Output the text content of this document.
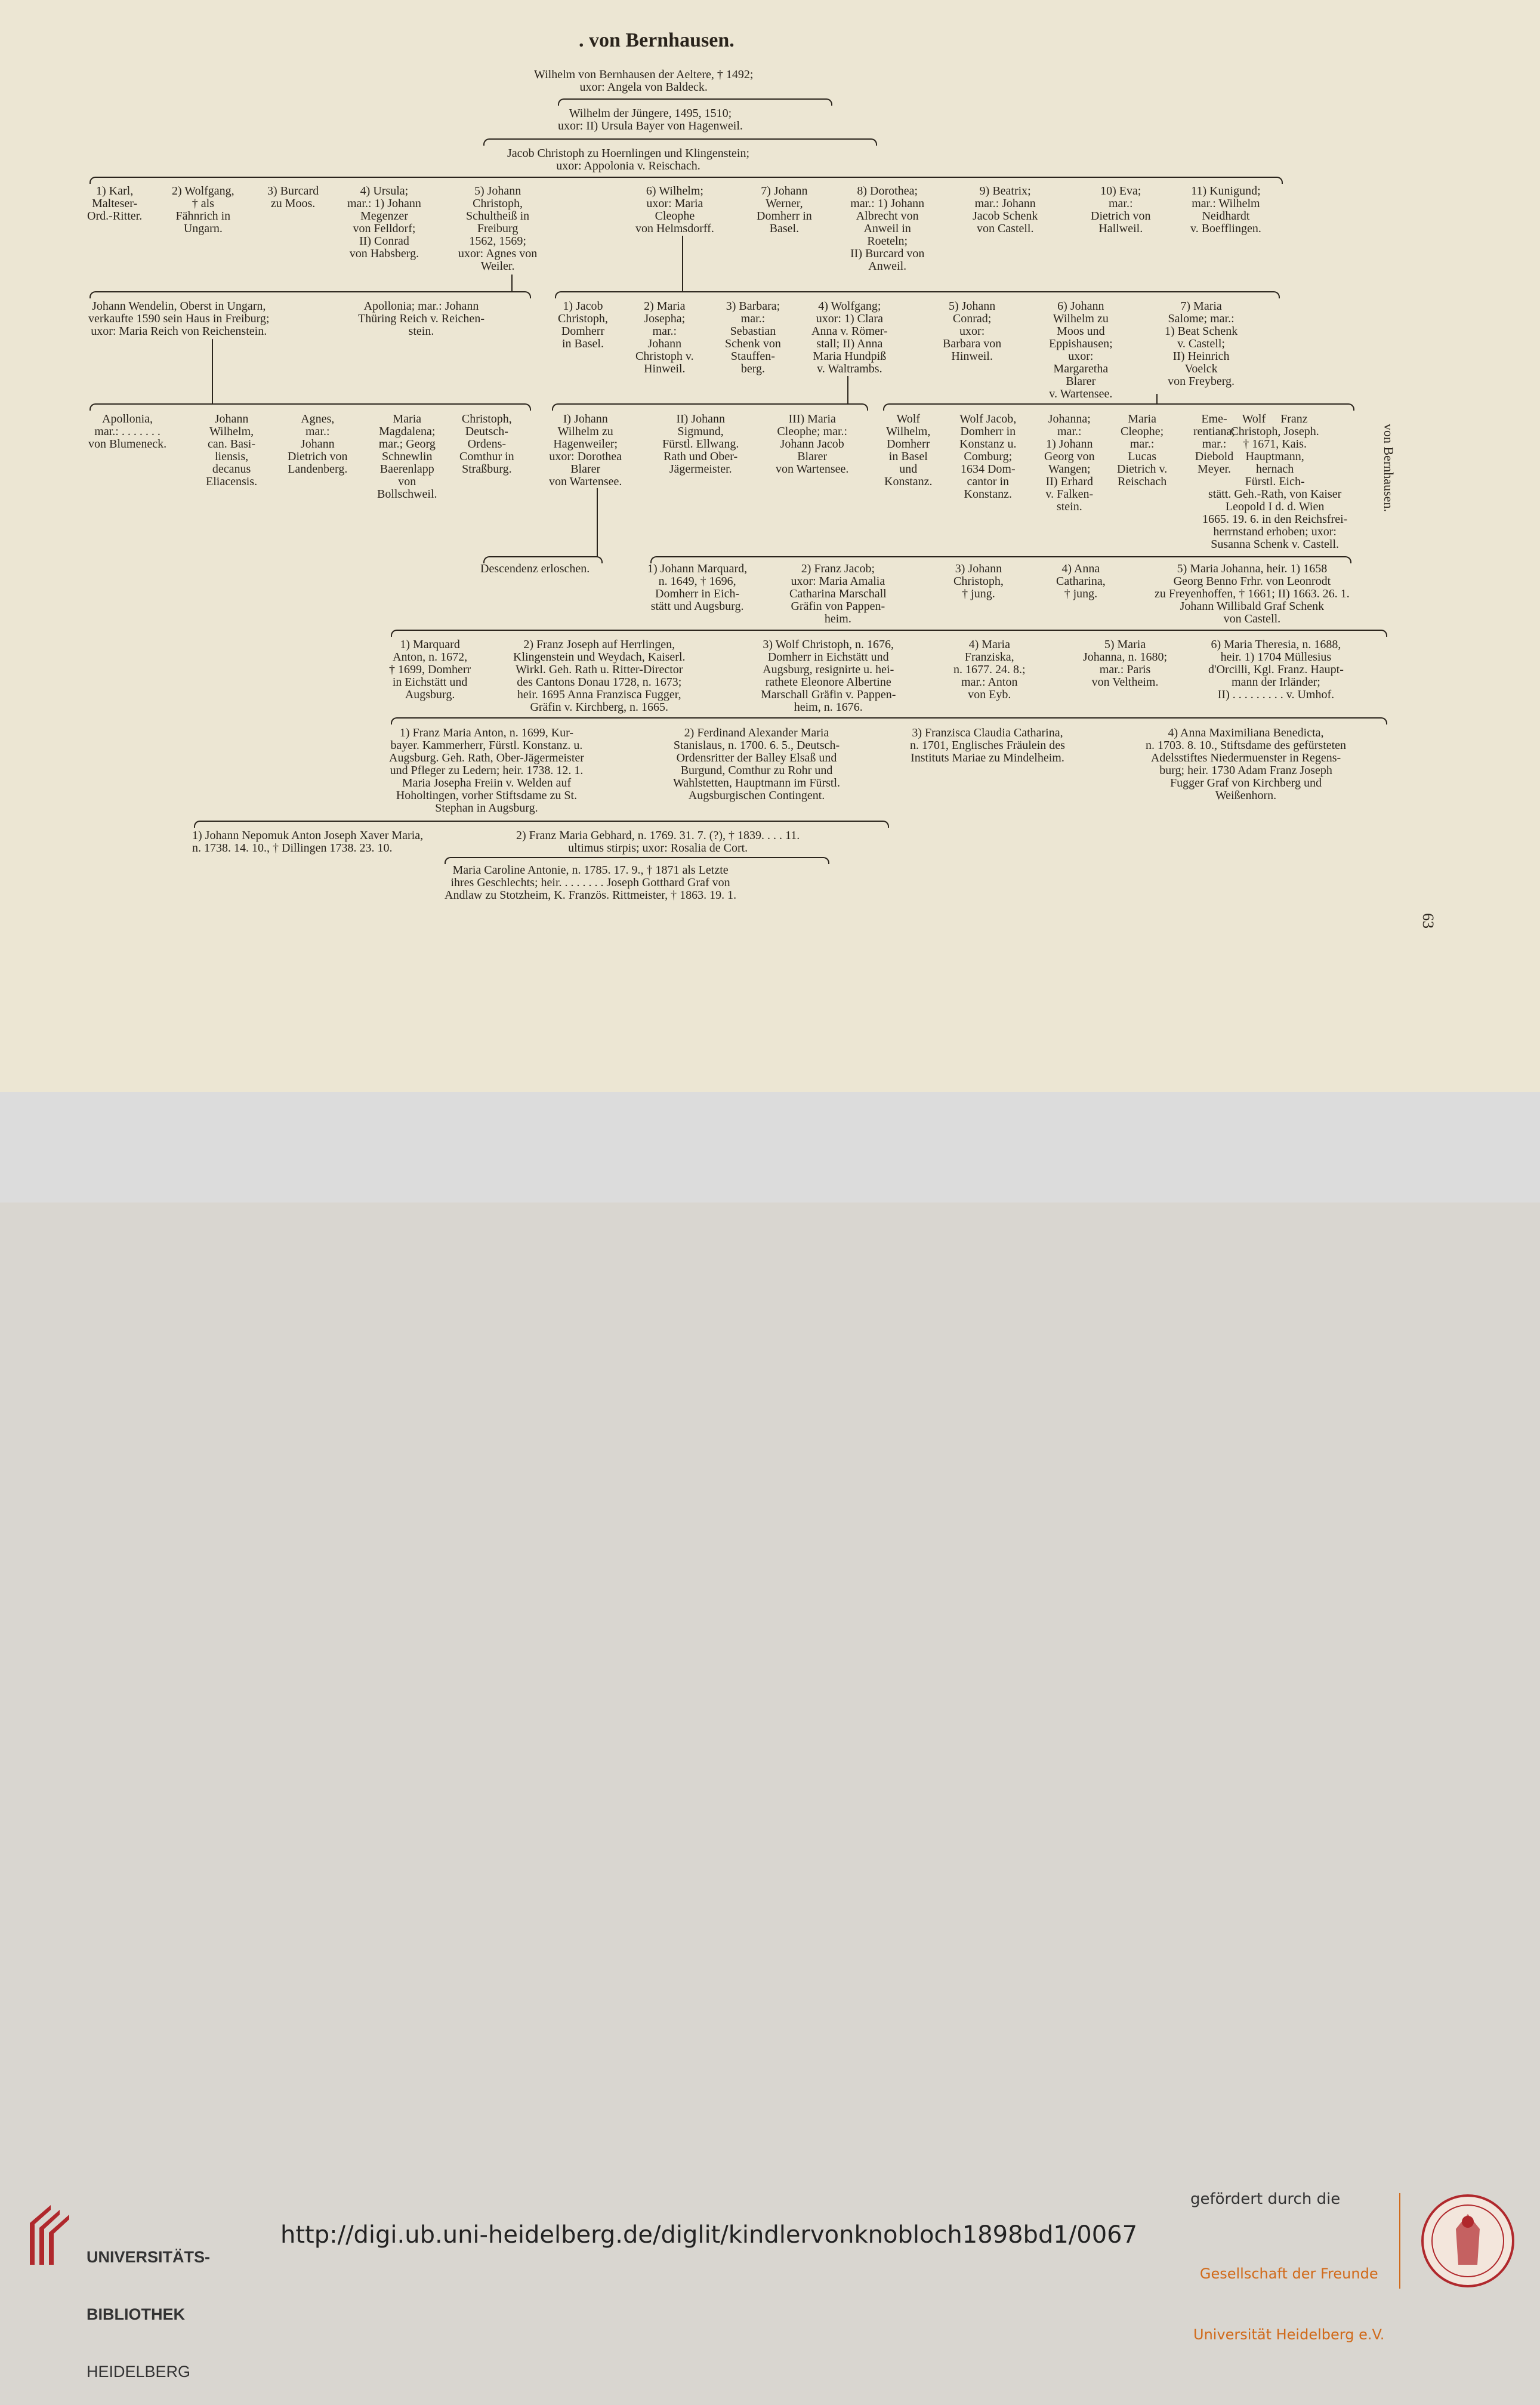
. von Bernhausen.
Wilhelm von Bernhausen der Aeltere, † 1492;
uxor: Angela von Baldeck.
Wilhelm der Jüngere, 1495, 1510;
uxor: II) Ursula Bayer von Hagenweil.
Jacob Christoph zu Hoernlingen und Klingenstein;
uxor: Appolonia v. Reischach.
1) Karl,
Malteser-
Ord.-Ritter.
2) Wolfgang,
† als
Fähnrich in
Ungarn.
3) Burcard
zu Moos.
4) Ursula;
mar.: 1) Johann
Megenzer
von Felldorf;
II) Conrad
von Habsberg.
5) Johann
Christoph,
Schultheiß in
Freiburg
1562, 1569;
uxor: Agnes von
Weiler.
6) Wilhelm;
uxor: Maria
Cleophe
von Helmsdorff.
7) Johann
Werner,
Domherr in
Basel.
8) Dorothea;
mar.: 1) Johann
Albrecht von
Anweil in
Roeteln;
II) Burcard von
Anweil.
9) Beatrix;
mar.: Johann
Jacob Schenk
von Castell.
10) Eva;
mar.:
Dietrich von
Hallweil.
11) Kunigund;
mar.: Wilhelm
Neidhardt
v. Boefflingen.
Johann Wendelin, Oberst in Ungarn,
verkaufte 1590 sein Haus in Freiburg;
uxor: Maria Reich von Reichenstein.
Apollonia; mar.: Johann
Thüring Reich v. Reichen-
stein.
1) Jacob
Christoph,
Domherr
in Basel.
2) Maria
Josepha;
mar.:
Johann
Christoph v.
Hinweil.
3) Barbara;
mar.:
Sebastian
Schenk von
Stauffen-
berg.
4) Wolfgang;
uxor: 1) Clara
Anna v. Römer-
stall; II) Anna
Maria Hundpiß
v. Waltrambs.
5) Johann
Conrad;
uxor:
Barbara von
Hinweil.
6) Johann
Wilhelm zu
Moos und
Eppishausen;
uxor:
Margaretha
Blarer
v. Wartensee.
7) Maria
Salome; mar.:
1) Beat Schenk
v. Castell;
II) Heinrich
Voelck
von Freyberg.
Apollonia,
mar.: . . . . . . .
von Blumeneck.
Johann
Wilhelm,
can. Basi-
liensis,
decanus
Eliacensis.
Agnes,
mar.:
Johann
Dietrich von
Landenberg.
Maria
Magdalena;
mar.; Georg
Schnewlin
Baerenlapp
von
Bollschweil.
Christoph,
Deutsch-
Ordens-
Comthur in
Straßburg.
I) Johann
Wilhelm zu
Hagenweiler;
uxor: Dorothea
Blarer
von Wartensee.
II) Johann
Sigmund,
Fürstl. Ellwang.
Rath und Ober-
Jägermeister.
III) Maria
Cleophe; mar.:
Johann Jacob
Blarer
von Wartensee.
Wolf
Wilhelm,
Domherr
in Basel
und
Konstanz.
Wolf Jacob,
Domherr in
Konstanz u.
Comburg;
1634 Dom-
cantor in
Konstanz.
Johanna;
mar.:
1) Johann
Georg von
Wangen;
II) Erhard
v. Falken-
stein.
Maria
Cleophe;
mar.:
Lucas
Dietrich v.
Reischach
Eme-
rentiana;
mar.:
Diebold
Meyer.
Wolf     Franz
Christoph, Joseph.
† 1671, Kais.
Hauptmann,
hernach
Fürstl. Eich-
stätt. Geh.-Rath, von Kaiser
Leopold I d. d. Wien
1665. 19. 6. in den Reichsfrei-
herrnstand erhoben; uxor:
Susanna Schenk v. Castell.
Descendenz erloschen.	1) Johann Marquard,
n. 1649, † 1696,
Domherr in Eich-
stätt und Augsburg.
2) Franz Jacob;
uxor: Maria Amalia
Catharina Marschall
Gräfin von Pappen-
heim.
3) Johann
Christoph,
† jung.
4) Anna
Catharina,
† jung.
5) Maria Johanna, heir. 1) 1658
Georg Benno Frhr. von Leonrodt
zu Freyenhoffen, † 1661; II) 1663. 26. 1.
Johann Willibald Graf Schenk
von Castell.
1) Marquard
Anton, n. 1672,
† 1699, Domherr
in Eichstätt und
Augsburg.
2) Franz Joseph auf Herrlingen,
Klingenstein und Weydach, Kaiserl.
Wirkl. Geh. Rath u. Ritter-Director
des Cantons Donau 1728, n. 1673;
heir. 1695 Anna Franzisca Fugger,
Gräfin v. Kirchberg, n. 1665.
3) Wolf Christoph, n. 1676,
Domherr in Eichstätt und
Augsburg, resignirte u. hei-
rathete Eleonore Albertine
Marschall Gräfin v. Pappen-
heim, n. 1676.
4) Maria
Franziska,
n. 1677. 24. 8.;
mar.: Anton
von Eyb.
5) Maria
Johanna, n. 1680;
mar.: Paris
von Veltheim.
6) Maria Theresia, n. 1688,
heir. 1) 1704 Müllesius
d'Orcilli, Kgl. Franz. Haupt-
mann der Irländer;
II) . . . . . . . . . v. Umhof.
1) Franz Maria Anton, n. 1699, Kur-
bayer. Kammerherr, Fürstl. Konstanz. u.
Augsburg. Geh. Rath, Ober-Jägermeister
und Pfleger zu Ledern; heir. 1738. 12. 1.
Maria Josepha Freiin v. Welden auf
Hoholtingen, vorher Stiftsdame zu St.
Stephan in Augsburg.
2) Ferdinand Alexander Maria
Stanislaus, n. 1700. 6. 5., Deutsch-
Ordensritter der Balley Elsaß und
Burgund, Comthur zu Rohr und
Wahlstetten, Hauptmann im Fürstl.
Augsburgischen Contingent.
3) Franzisca Claudia Catharina,
n. 1701, Englisches Fräulein des
Instituts Mariae zu Mindelheim.
4) Anna Maximiliana Benedicta,
n. 1703. 8. 10., Stiftsdame des gefürsteten
Adelsstiftes Niedermuenster in Regens-
burg; heir. 1730 Adam Franz Joseph
Fugger Graf von Kirchberg und
Weißenhorn.
1) Johann Nepomuk Anton Joseph Xaver Maria,
n. 1738. 14. 10., † Dillingen 1738. 23. 10.
2) Franz Maria Gebhard, n. 1769. 31. 7. (?), † 1839. . . . 11.
ultimus stirpis; uxor: Rosalia de Cort.
Maria Caroline Antonie, n. 1785. 17. 9., † 1871 als Letzte
ihres Geschlechts; heir. . . . . . . . Joseph Gotthard Graf von
Andlaw zu Stotzheim, K. Französ. Rittmeister, † 1863. 19. 1.
von Bernhausen.
63

UNIVERSITÄTS-

BIBLIOTHEK

HEIDELBERG

http://digi.ub.uni-heidelberg.de/diglit/kindlervonknobloch1898bd1/0067
gefördert durch die

Gesellschaft der Freunde

Universität Heidelberg e.V.
